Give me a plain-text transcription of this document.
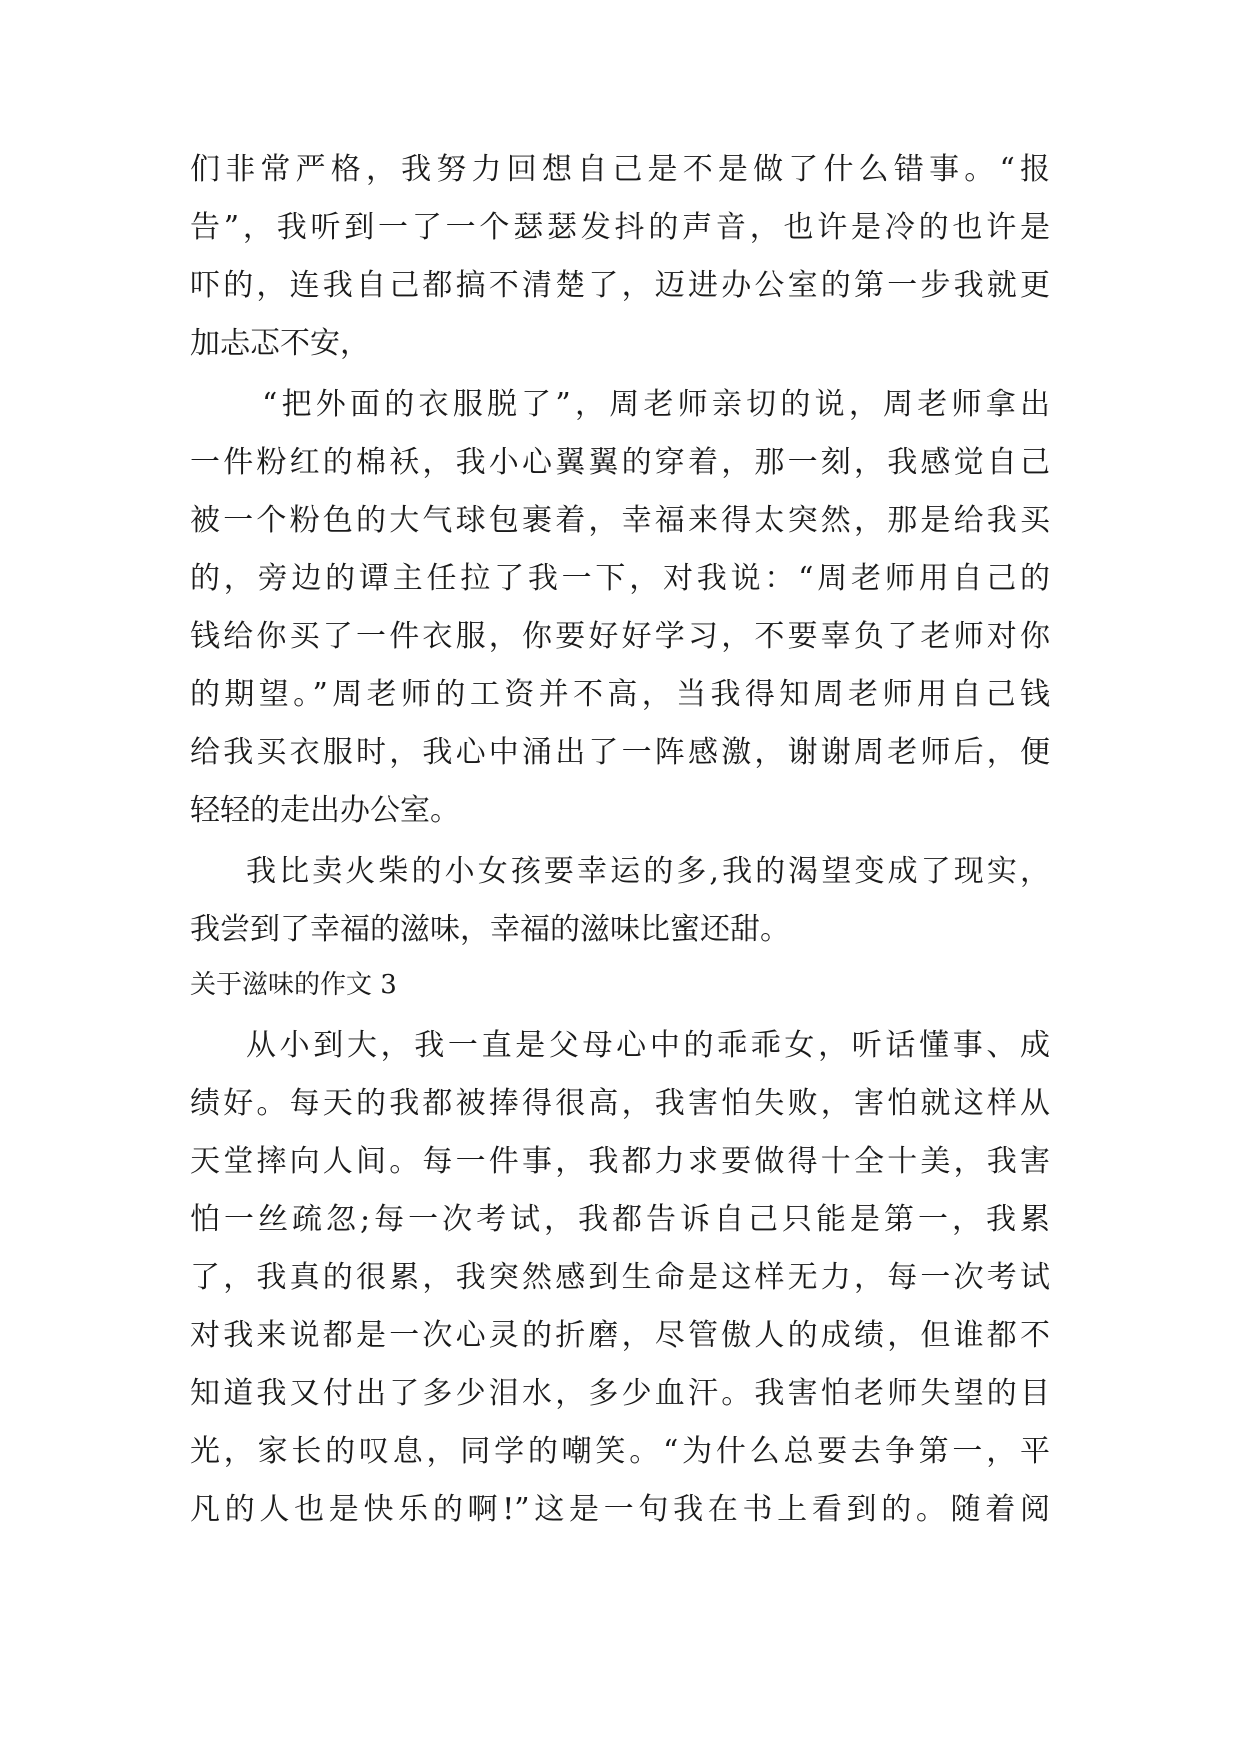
们非常严格，我努力回想自己是不是做了什么错事。“报
告”，我听到一了一个瑟瑟发抖的声音，也许是冷的也许是
吓的，连我自己都搞不清楚了，迈进办公室的第一步我就更
加忐忑不安，
“把外面的衣服脱了”，周老师亲切的说，周老师拿出
一件粉红的棉袄，我小心翼翼的穿着，那一刻，我感觉自己
被一个粉色的大气球包裹着，幸福来得太突然，那是给我买
的，旁边的谭主任拉了我一下，对我说：“周老师用自己的
钱给你买了一件衣服，你要好好学习，不要辜负了老师对你
的期望。”周老师的工资并不高，当我得知周老师用自己钱
给我买衣服时，我心中涌出了一阵感激，谢谢周老师后，便
轻轻的走出办公室。
我比卖火柴的小女孩要幸运的多,我的渴望变成了现实，
我尝到了幸福的滋味，幸福的滋味比蜜还甜。
关于滋味的作文 3
从小到大，我一直是父母心中的乖乖女，听话懂事、成
绩好。每天的我都被捧得很高，我害怕失败，害怕就这样从
天堂摔向人间。每一件事，我都力求要做得十全十美，我害
怕一丝疏忽;每一次考试，我都告诉自己只能是第一，我累
了，我真的很累，我突然感到生命是这样无力，每一次考试
对我来说都是一次心灵的折磨，尽管傲人的成绩，但谁都不
知道我又付出了多少泪水，多少血汗。我害怕老师失望的目
光，家长的叹息，同学的嘲笑。“为什么总要去争第一，平
凡的人也是快乐的啊!”这是一句我在书上看到的。随着阅
